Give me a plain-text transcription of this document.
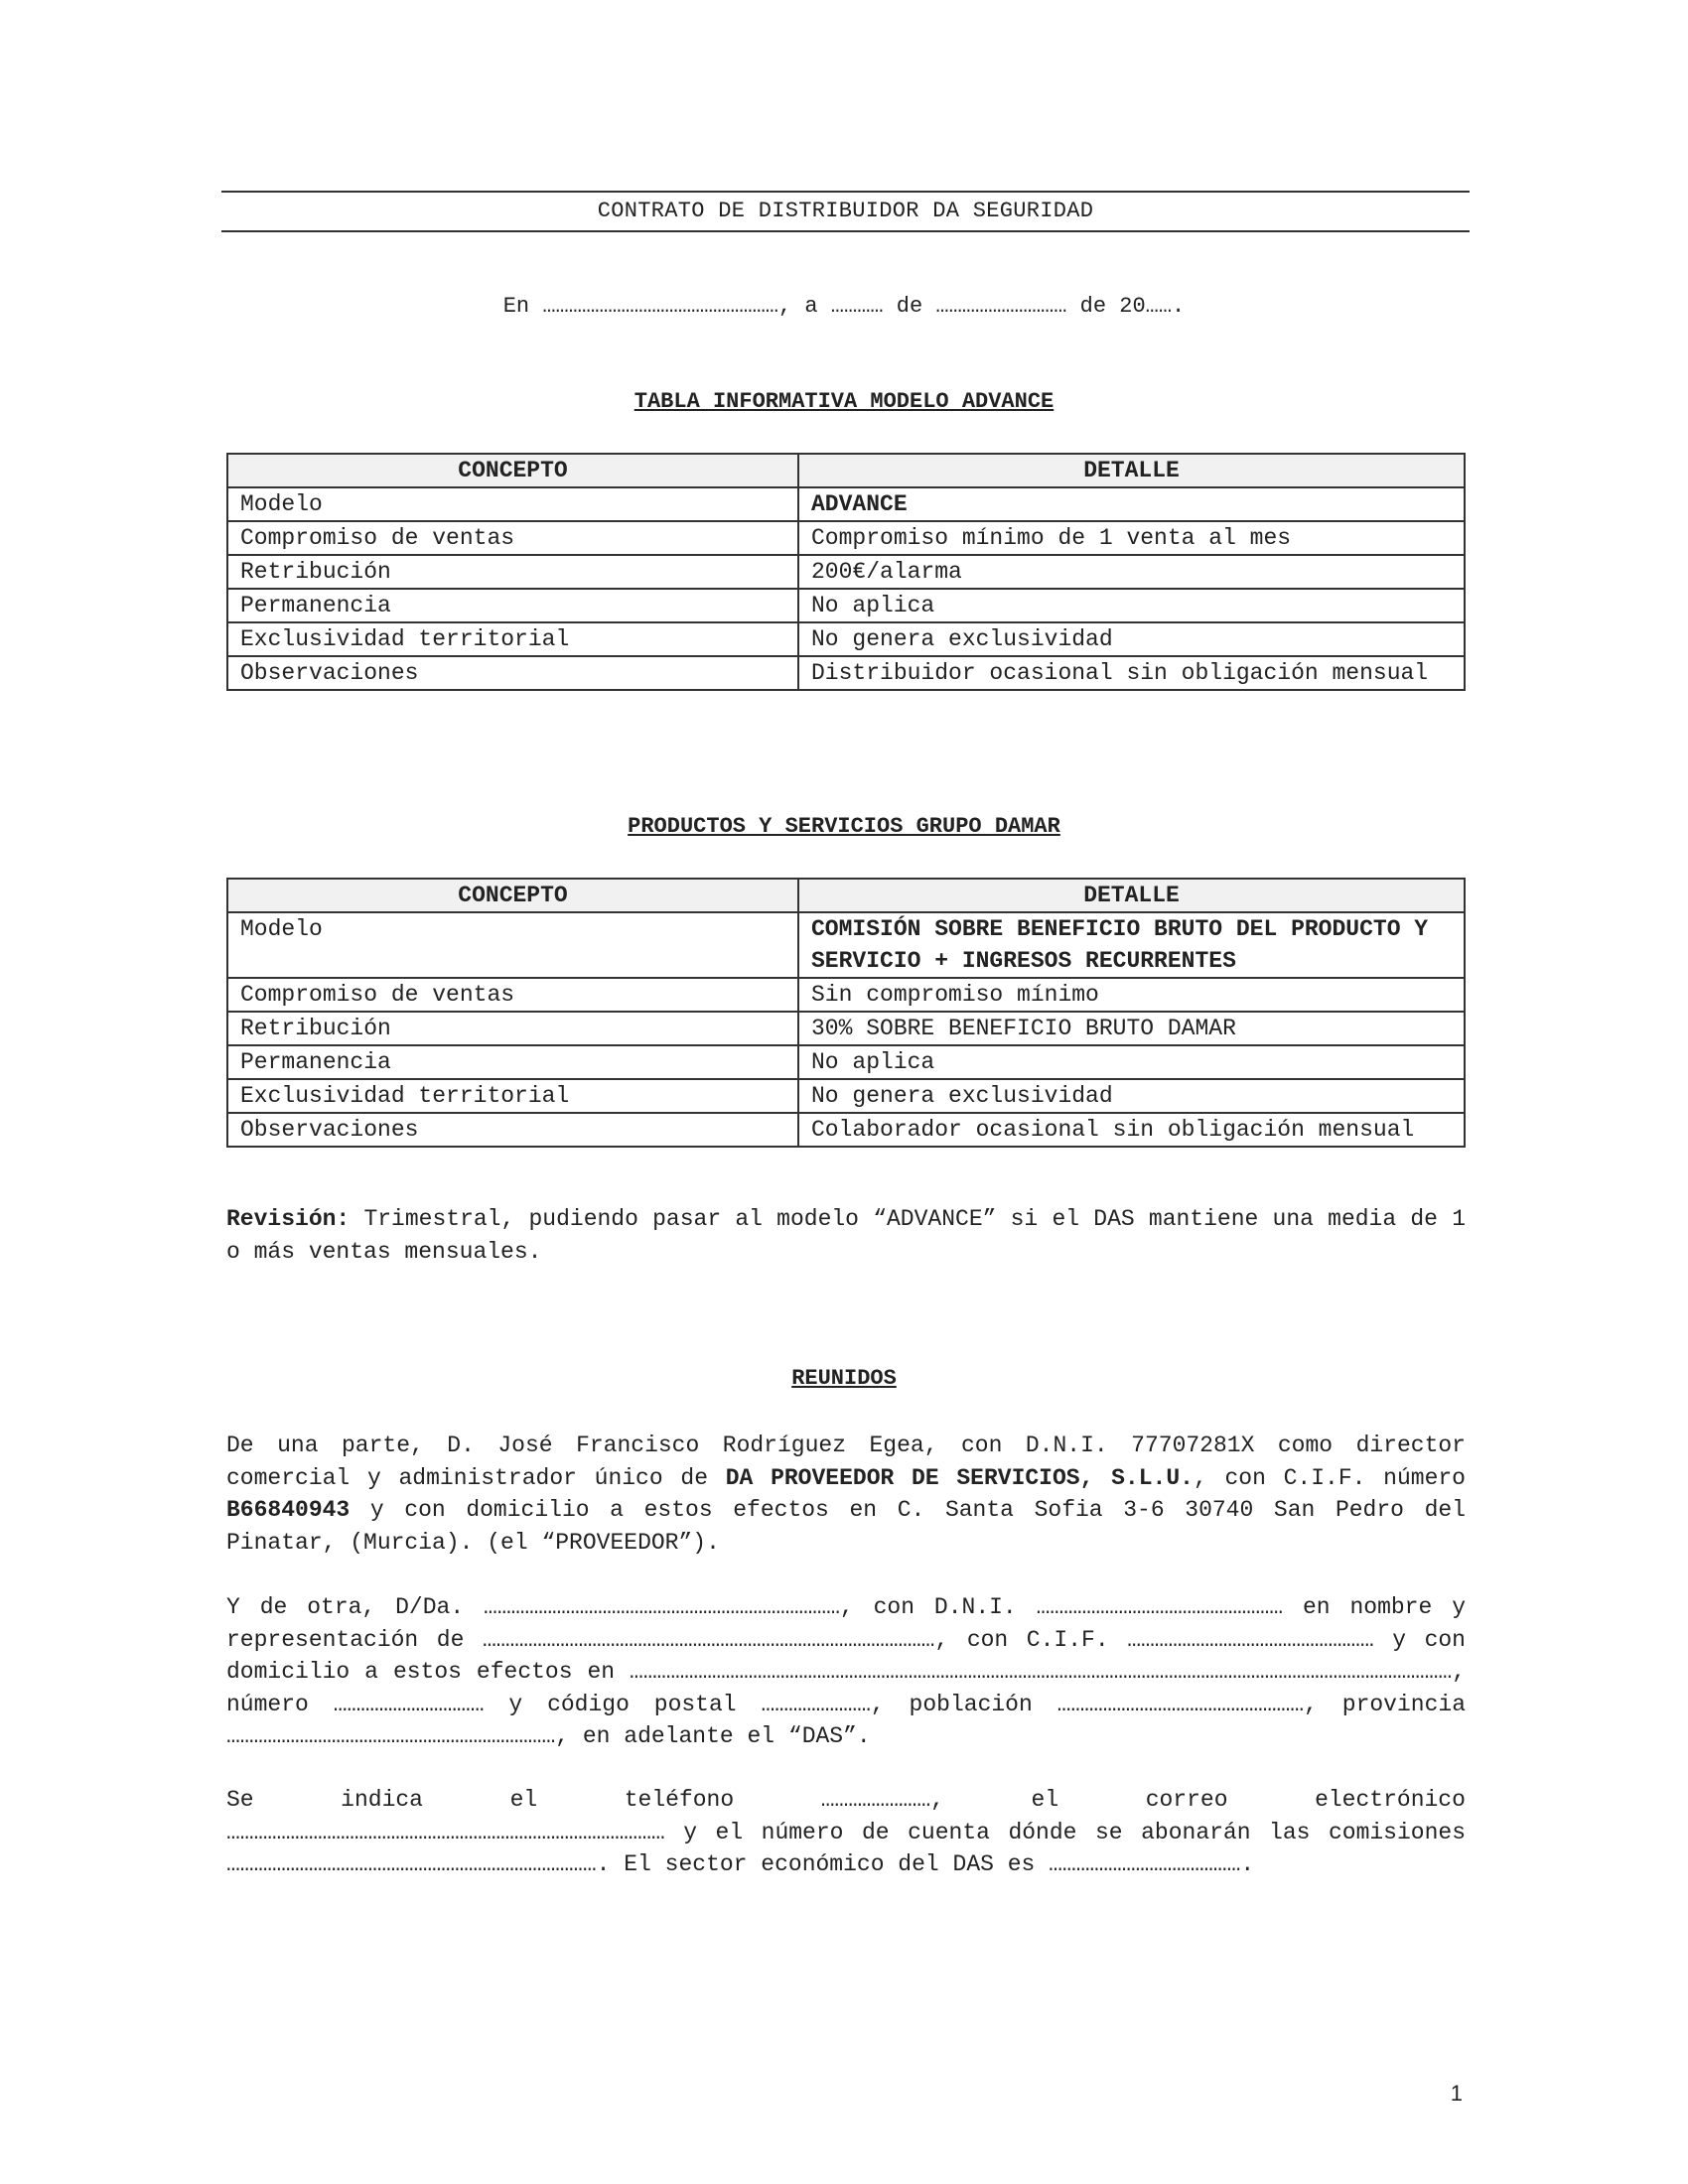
CONTRATO DE DISTRIBUIDOR DA SEGURIDAD
En ………………………………………………, a ………… de ………………………… de 20…….
TABLA INFORMATIVA MODELO ADVANCE
CONCEPTO	DETALLE
Modelo	ADVANCE
Compromiso de ventas	Compromiso mínimo de 1 venta al mes
Retribución	200€/alarma
Permanencia	No aplica
Exclusividad territorial	No genera exclusividad
Observaciones	Distribuidor ocasional sin obligación mensual
PRODUCTOS Y SERVICIOS GRUPO DAMAR
CONCEPTO	DETALLE
Modelo	COMISIÓN SOBRE BENEFICIO BRUTO DEL PRODUCTO Y SERVICIO + INGRESOS RECURRENTES
Compromiso de ventas	Sin compromiso mínimo
Retribución	30% SOBRE BENEFICIO BRUTO DAMAR
Permanencia	No aplica
Exclusividad territorial	No genera exclusividad
Observaciones	Colaborador ocasional sin obligación mensual
Revisión: Trimestral, pudiendo pasar al modelo “ADVANCE” si el DAS mantiene una media de 1 o más ventas mensuales.
REUNIDOS
De una parte, D. José Francisco Rodríguez Egea, con D.N.I. 77707281X como director comercial y administrador único de DA PROVEEDOR DE SERVICIOS, S.L.U., con C.I.F. número B66840943 y con domicilio a estos efectos en C. Santa Sofia 3-6 30740 San Pedro del Pinatar, (Murcia). (el “PROVEEDOR”).
Y de otra, D/Da. ……………………………………………………………………, con D.N.I. ……………………………………………… en nombre y representación de ………………………………………………………………………………………, con C.I.F. ……………………………………………… y con domicilio a estos efectos en ………………………………………………………………………………………………………………………………………………………………, número …………………………… y código postal ……………………, población ………………………………………………, provincia ………………………………………………………………, en adelante el “DAS”.
Se	indica	el	teléfono	……………………,	el	correo	electrónico
…………………………………………………………………………………… y el número de cuenta dónde se abonarán las comisiones ………………………………………………………………………. El sector económico del DAS es …………………………………….
1
